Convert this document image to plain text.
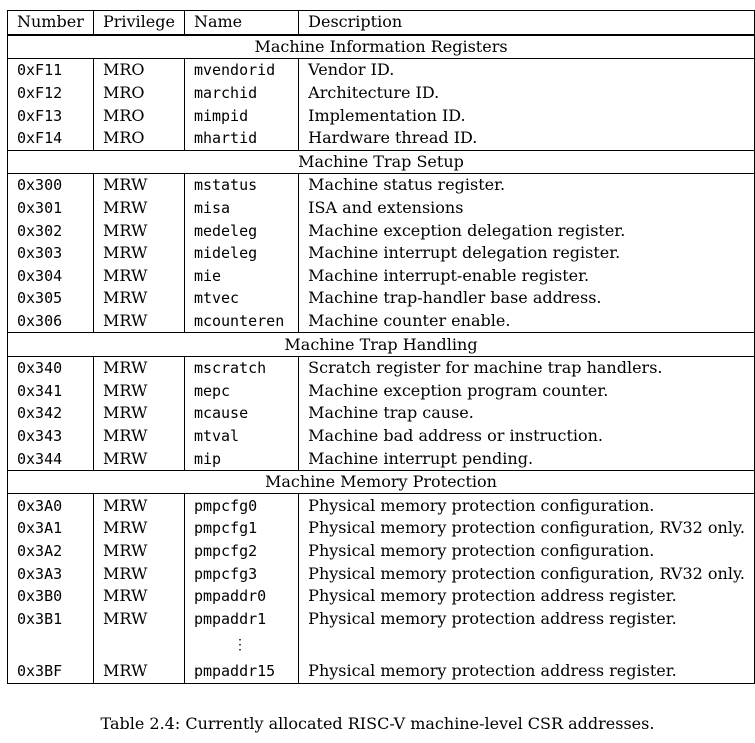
Number	Privilege	Name	Description
Machine Information Registers			
0xF11	MRO	mvendorid	Vendor ID.
0xF12	MRO	marchid	Architecture ID.
0xF13	MRO	mimpid	Implementation ID.
0xF14	MRO	mhartid	Hardware thread ID.
Machine Trap Setup			
0x300	MRW	mstatus	Machine status register.
0x301	MRW	misa	ISA and extensions
0x302	MRW	medeleg	Machine exception delegation register.
0x303	MRW	mideleg	Machine interrupt delegation register.
0x304	MRW	mie	Machine interrupt-enable register.
0x305	MRW	mtvec	Machine trap-handler base address.
0x306	MRW	mcounteren	Machine counter enable.
Machine Trap Handling			
0x340	MRW	mscratch	Scratch register for machine trap handlers.
0x341	MRW	mepc	Machine exception program counter.
0x342	MRW	mcause	Machine trap cause.
0x343	MRW	mtval	Machine bad address or instruction.
0x344	MRW	mip	Machine interrupt pending.
Machine Memory Protection			
0x3A0	MRW	pmpcfg0	Physical memory protection configuration.
0x3A1	MRW	pmpcfg1	Physical memory protection configuration, RV32 only.
0x3A2	MRW	pmpcfg2	Physical memory protection configuration.
0x3A3	MRW	pmpcfg3	Physical memory protection configuration, RV32 only.
0x3B0	MRW	pmpaddr0	Physical memory protection address register.
0x3B1	MRW	pmpaddr1	Physical memory protection address register.
		⋮	
0x3BF	MRW	pmpaddr15	Physical memory protection address register.
Table 2.4: Currently allocated RISC-V machine-level CSR addresses.
